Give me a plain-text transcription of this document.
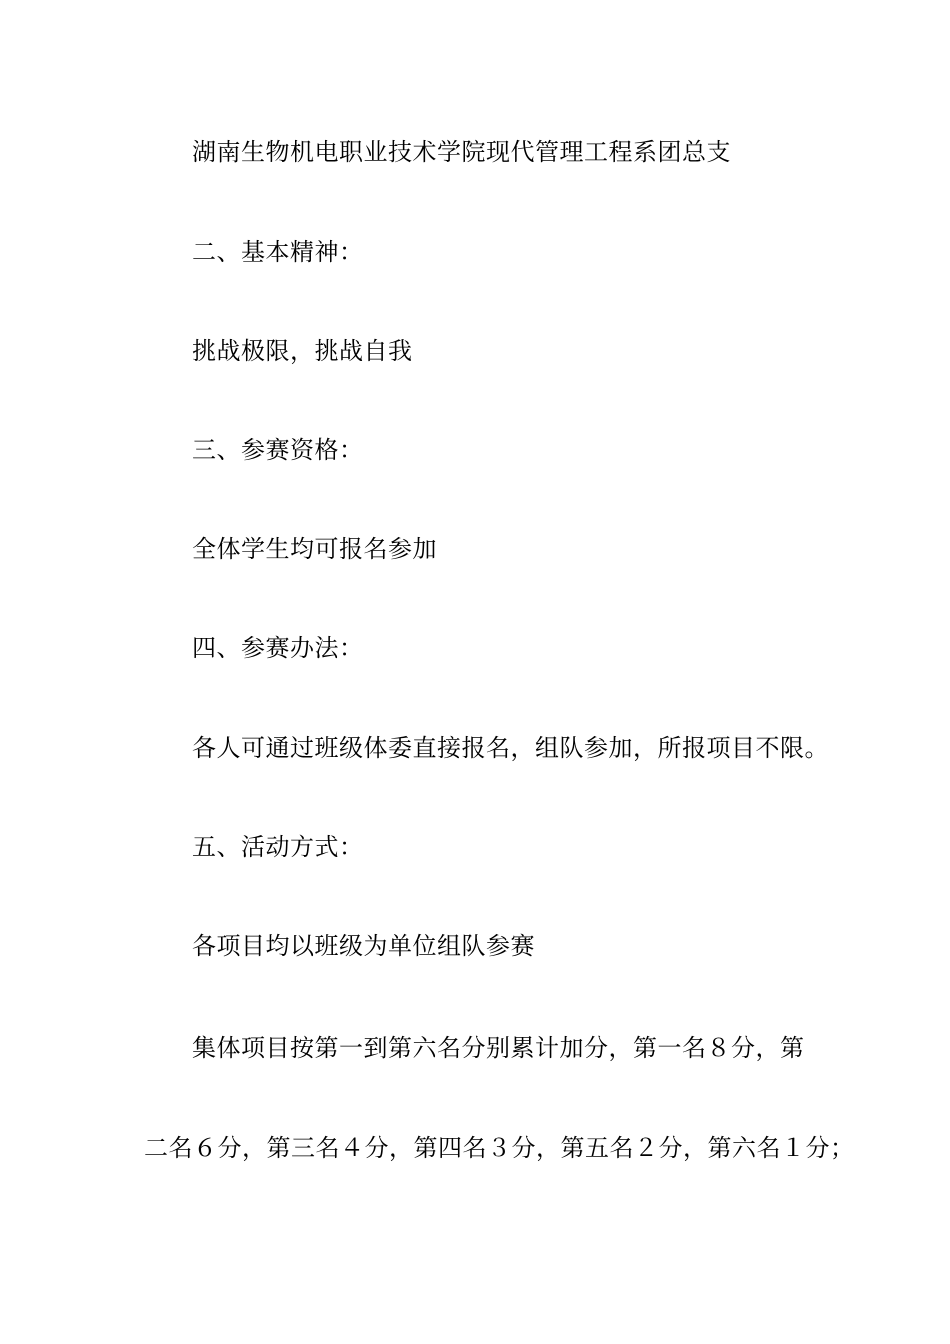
湖南生物机电职业技术学院现代管理工程系团总支
二、基本精神：
挑战极限，挑战自我
三、参赛资格：
全体学生均可报名参加
四、参赛办法：
各人可通过班级体委直接报名，组队参加，所报项目不限。
五、活动方式：
各项目均以班级为单位组队参赛
集体项目按第一到第六名分别累计加分，第一名８分，第
二名６分，第三名４分，第四名３分，第五名２分，第六名１分；
